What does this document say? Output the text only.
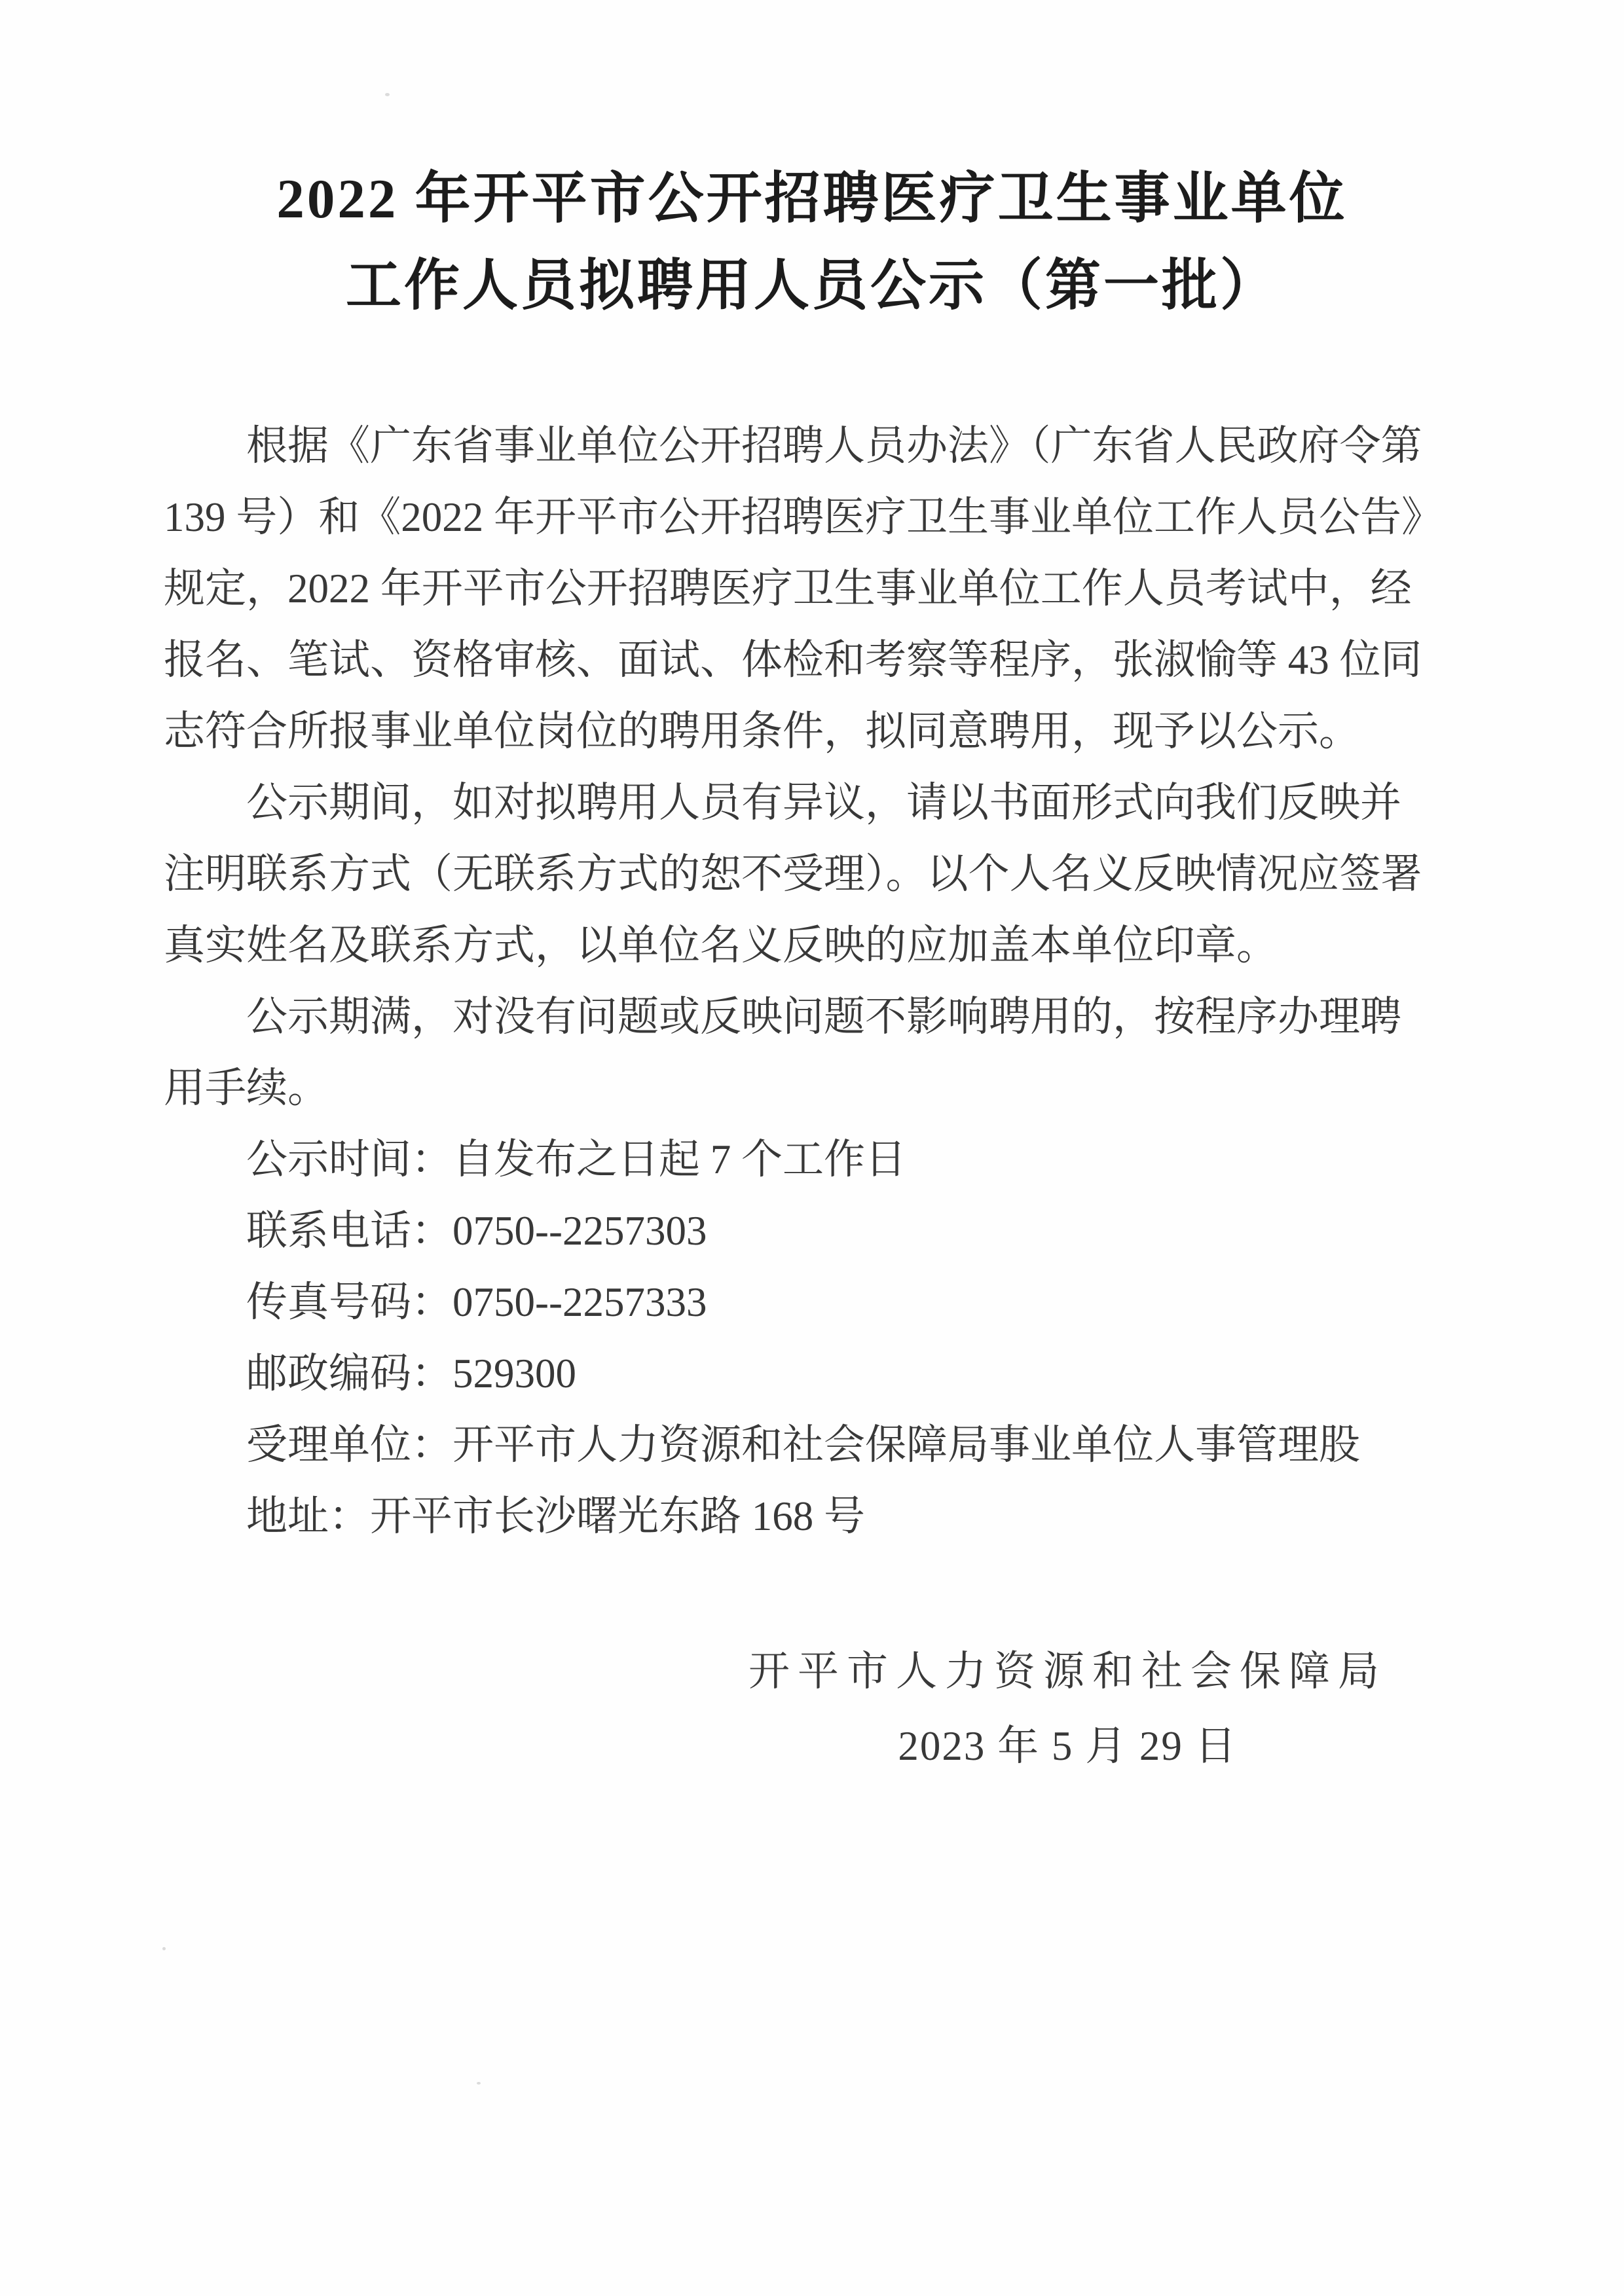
2022 年开平市公开招聘医疗卫生事业单位
工作人员拟聘用人员公示（第一批）
根据《广东省事业单位公开招聘人员办法》（广东省人民政府令第
139 号）和《2022 年开平市公开招聘医疗卫生事业单位工作人员公告》
规定，2022 年开平市公开招聘医疗卫生事业单位工作人员考试中，经
报名、笔试、资格审核、面试、体检和考察等程序，张淑愉等 43 位同
志符合所报事业单位岗位的聘用条件，拟同意聘用，现予以公示。
公示期间，如对拟聘用人员有异议，请以书面形式向我们反映并
注明联系方式（无联系方式的恕不受理）。以个人名义反映情况应签署
真实姓名及联系方式，以单位名义反映的应加盖本单位印章。
公示期满，对没有问题或反映问题不影响聘用的，按程序办理聘
用手续。
公示时间：自发布之日起 7 个工作日
联系电话：0750--2257303
传真号码：0750--2257333
邮政编码：529300
受理单位：开平市人力资源和社会保障局事业单位人事管理股
地址：开平市长沙曙光东路 168 号
开平市人力资源和社会保障局
2023 年 5 月 29 日
